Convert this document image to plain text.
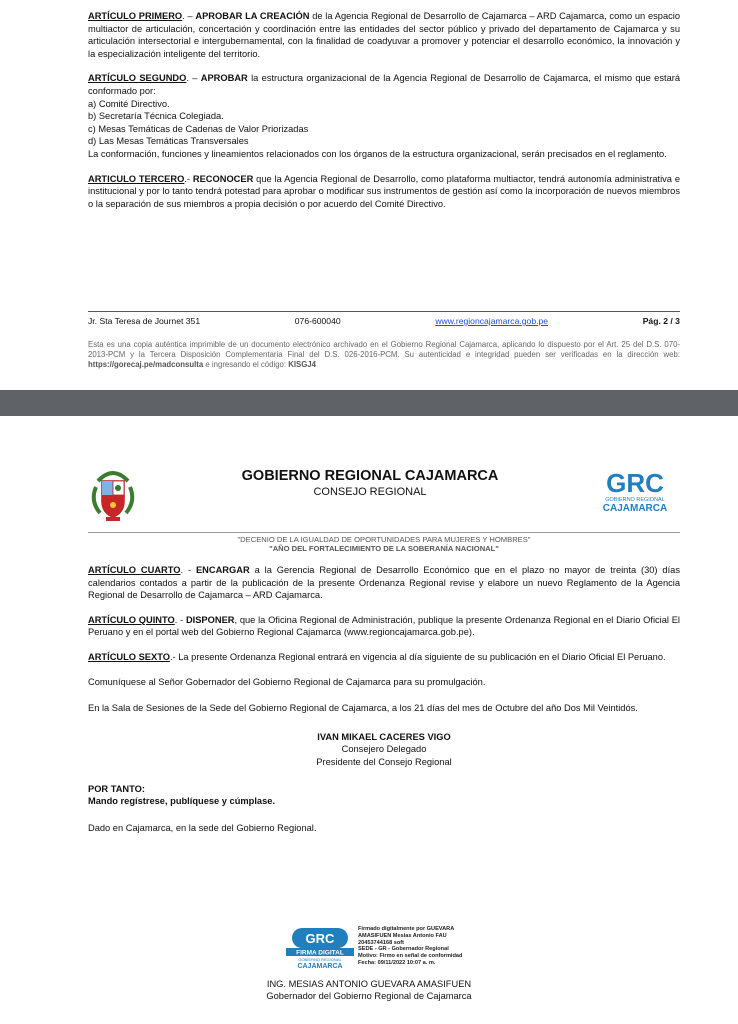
ARTÍCULO PRIMERO. – APROBAR LA CREACIÓN de la Agencia Regional de Desarrollo de Cajamarca – ARD Cajamarca, como un espacio multiactor de articulación, concertación y coordinación entre las entidades del sector público y privado del departamento de Cajamarca y su articulación intersectorial e intergubernamental, con la finalidad de coadyuvar a promover y potenciar el desarrollo económico, la innovación y la especialización inteligente del territorio.

ARTÍCULO SEGUNDO. – APROBAR la estructura organizacional de la Agencia Regional de Desarrollo de Cajamarca, el mismo que estará conformado por:

a) Comité Directivo.
b) Secretaría Técnica Colegiada.
c) Mesas Temáticas de Cadenas de Valor Priorizadas
d) Las Mesas Temáticas Transversales

La conformación, funciones y lineamientos relacionados con los órganos de la estructura organizacional, serán precisados en el reglamento.

ARTICULO TERCERO.- RECONOCER que la Agencia Regional de Desarrollo, como plataforma multiactor, tendrá autonomía administrativa e institucional y por lo tanto tendrá potestad para aprobar o modificar sus instrumentos de gestión así como la incorporación de nuevos miembros o la separación de sus miembros a propia decisión o por acuerdo del Comité Directivo.

Jr. Sta Teresa de Journet 351	076-600040	www.regioncajamarca.gob.pe	Pág. 2 / 3
Esta es una copia auténtica imprimible de un documento electrónico archivado en el Gobierno Regional Cajamarca, aplicando lo dispuesto por el Art. 25 del D.S. 070-2013-PCM y la Tercera Disposición Complementaria Final del D.S. 026-2016-PCM. Su autenticidad e integridad pueden ser verificadas en la dirección web: https://gorecaj.pe/madconsulta e ingresando el código: KISGJ4
GOBIERNO REGIONAL CAJAMARCA
CONSEJO REGIONAL	GRC
GOBIERNO REGIONAL
CAJAMARCA
"DECENIO DE LA IGUALDAD DE OPORTUNIDADES PARA MUJERES Y HOMBRES"
"AÑO DEL FORTALECIMIENTO DE LA SOBERANÍA NACIONAL"

ARTÍCULO CUARTO. - ENCARGAR a la Gerencia Regional de Desarrollo Económico que en el plazo no mayor de treinta (30) días calendarios contados a partir de la publicación de la presente Ordenanza Regional revise y elabore un nuevo Reglamento de la Agencia Regional de Desarrollo de Cajamarca – ARD Cajamarca.

ARTÍCULO QUINTO. - DISPONER, que la Oficina Regional de Administración, publique la presente Ordenanza Regional en el Diario Oficial El Peruano y en el portal web del Gobierno Regional Cajamarca (www.regioncajamarca.gob.pe).

ARTÍCULO SEXTO.- La presente Ordenanza Regional entrará en vigencia al día siguiente de su publicación en el Diario Oficial El Peruano.

Comuníquese al Señor Gobernador del Gobierno Regional de Cajamarca para su promulgación.

En la Sala de Sesiones de la Sede del Gobierno Regional de Cajamarca, a los 21 días del mes de Octubre del año Dos Mil Veintidós.

IVAN MIKAEL CACERES VIGO
Consejero Delegado
Presidente del Consejo Regional
POR TANTO:
Mando regístrese, publíquese y cúmplase.
Dado en Cajamarca, en la sede del Gobierno Regional.
GRC
FIRMA DIGITAL
GOBIERNO REGIONAL
CAJAMARCA
Firmado digitalmente por GUEVARA
AMASIFUEN Mesias Antonio FAU
20453744168 soft
SEDE - GR - Gobernador Regional
Motivo: Firmo en señal de conformidad
Fecha: 09/11/2022 10:07 a. m.
ING. MESIAS ANTONIO GUEVARA AMASIFUEN
Gobernador del Gobierno Regional de Cajamarca
